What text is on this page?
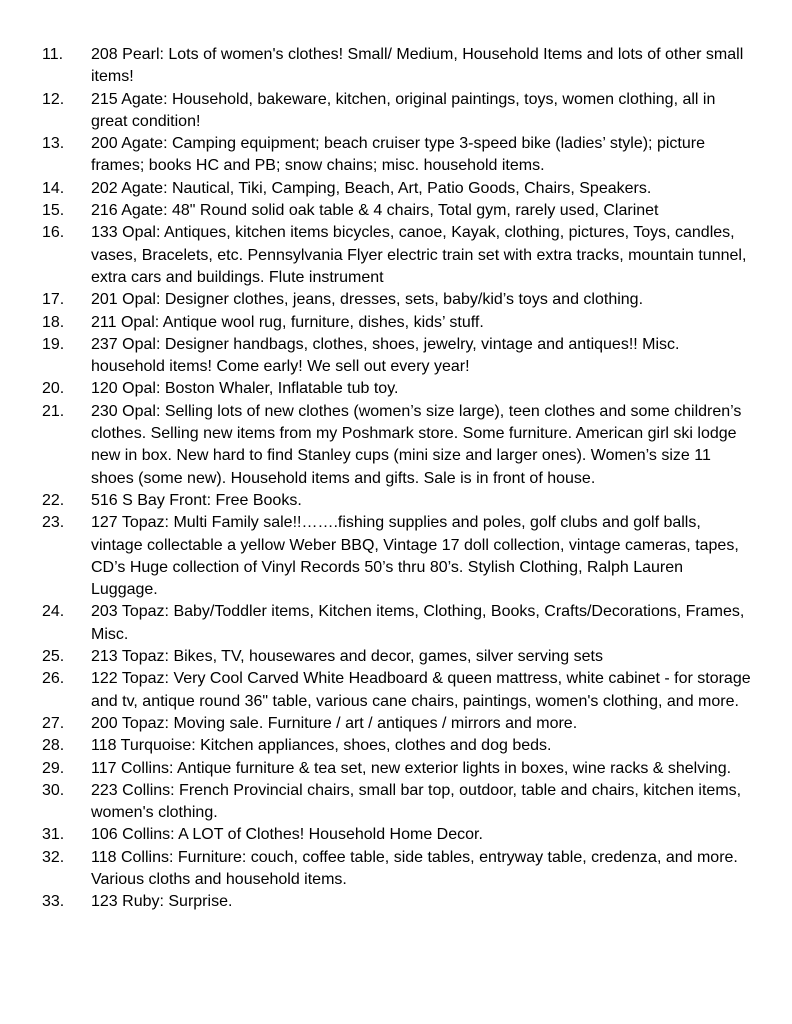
11.	208 Pearl: Lots of women's clothes! Small/ Medium, Household Items and lots of other small items!
12.	215 Agate: Household, bakeware, kitchen, original paintings, toys, women clothing, all in great condition!
13.	200 Agate: Camping equipment; beach cruiser type 3-speed bike (ladies’ style); picture frames; books HC and PB; snow chains; misc. household items.
14.	202 Agate: Nautical, Tiki, Camping, Beach, Art, Patio Goods, Chairs, Speakers.
15.	216 Agate: 48" Round solid oak table & 4 chairs, Total gym, rarely used, Clarinet
16.	133 Opal: Antiques, kitchen items bicycles, canoe, Kayak, clothing, pictures, Toys, candles, vases, Bracelets, etc. Pennsylvania Flyer electric train set with extra tracks, mountain tunnel, extra cars and buildings. Flute instrument
17.	201 Opal: Designer clothes, jeans, dresses, sets, baby/kid’s toys and clothing.
18.	211 Opal: Antique wool rug, furniture, dishes, kids’ stuff.
19.	237 Opal: Designer handbags, clothes, shoes, jewelry, vintage and antiques!! Misc. household items! Come early! We sell out every year!
20.	120 Opal: Boston Whaler, Inflatable tub toy.
21.	230 Opal: Selling lots of new clothes (women’s size large), teen clothes and some children’s clothes. Selling new items from my Poshmark store. Some furniture. American girl ski lodge new in box. New hard to find Stanley cups (mini size and larger ones). Women’s size 11 shoes (some new). Household items and gifts. Sale is in front of house.
22.	516 S Bay Front: Free Books.
23.	127 Topaz: Multi Family sale!!…….fishing supplies and poles, golf clubs and golf balls, vintage collectable a yellow Weber BBQ, Vintage 17 doll collection, vintage cameras, tapes, CD’s Huge collection of Vinyl Records 50’s thru 80’s. Stylish Clothing, Ralph Lauren Luggage.
24.	203 Topaz: Baby/Toddler items, Kitchen items, Clothing, Books, Crafts/Decorations, Frames, Misc.
25.	213 Topaz: Bikes, TV, housewares and decor, games, silver serving sets
26.	122 Topaz: Very Cool Carved White Headboard & queen mattress, white cabinet - for storage and tv, antique round 36" table, various cane chairs, paintings, women's clothing, and more.
27.	200 Topaz: Moving sale. Furniture / art / antiques / mirrors and more.
28.	118 Turquoise: Kitchen appliances, shoes, clothes and dog beds.
29.	117 Collins: Antique furniture & tea set, new exterior lights in boxes, wine racks & shelving.
30.	223 Collins: French Provincial chairs, small bar top, outdoor, table and chairs, kitchen items, women's clothing.
31.	106 Collins: A LOT of Clothes! Household Home Decor.
32.	118 Collins: Furniture: couch, coffee table, side tables, entryway table, credenza, and more. Various cloths and household items.
33.	123 Ruby: Surprise.
